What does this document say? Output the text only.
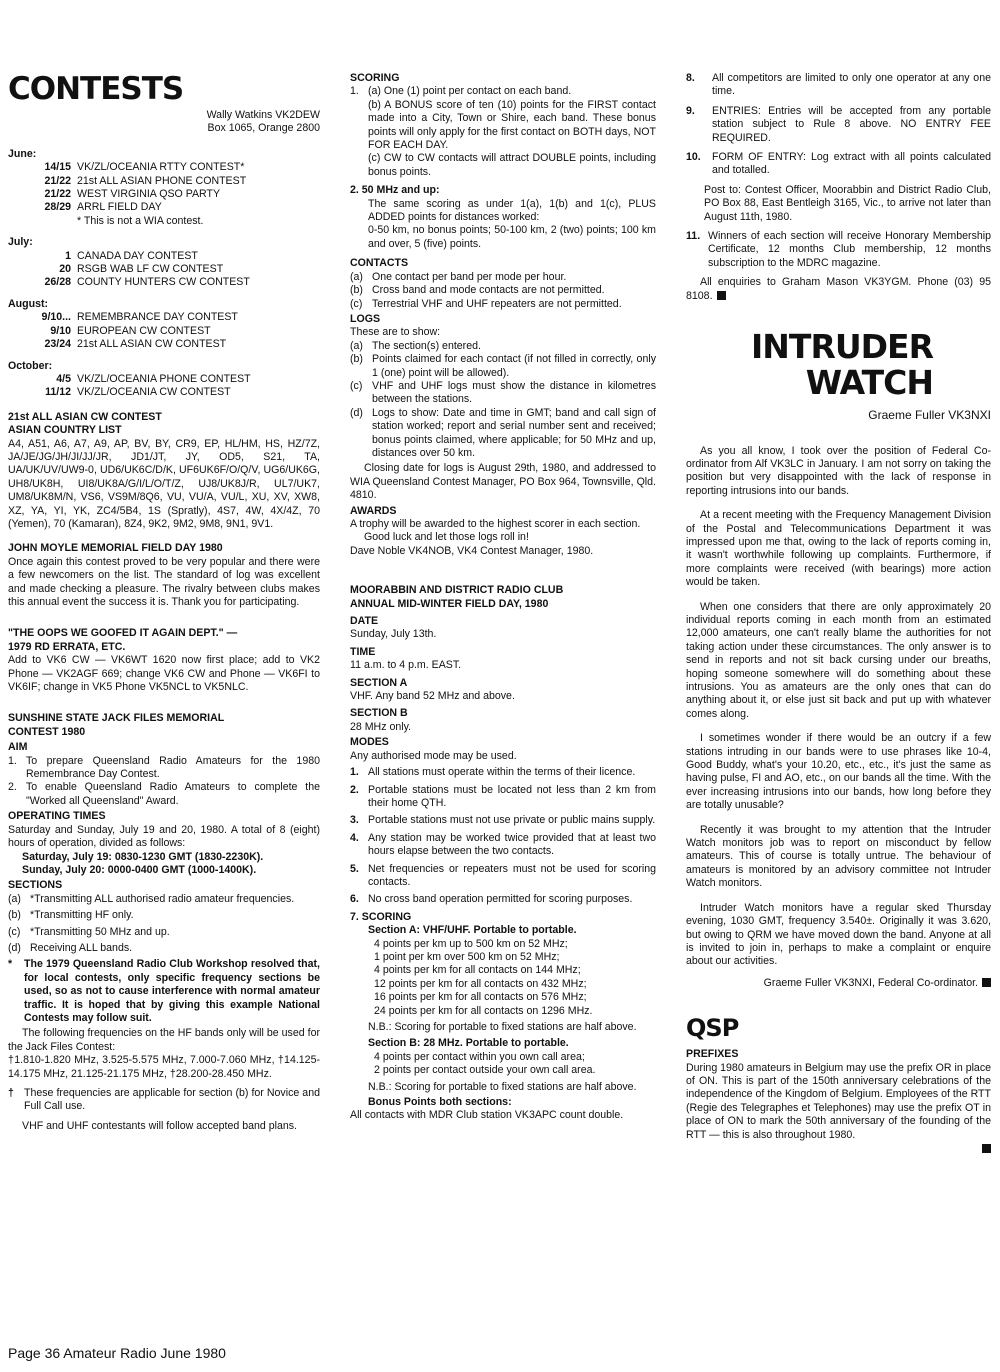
CONTESTS
Wally Watkins VK2DEW
Box 1065, Orange 2800
June:
14/15 VK/ZL/OCEANIA RTTY CONTEST*
21/22 21st ALL ASIAN PHONE CONTEST
21/22 WEST VIRGINIA QSO PARTY
28/29 ARRL FIELD DAY
* This is not a WIA contest.
July:
1 CANADA DAY CONTEST
20 RSGB WAB LF CW CONTEST
26/28 COUNTY HUNTERS CW CONTEST
August:
9/10... REMEMBRANCE DAY CONTEST
9/10 EUROPEAN CW CONTEST
23/24 21st ALL ASIAN CW CONTEST
October:
4/5 VK/ZL/OCEANIA PHONE CONTEST
11/12 VK/ZL/OCEANIA CW CONTEST
21st ALL ASIAN CW CONTEST
ASIAN COUNTRY LIST

A4, A51, A6, A7, A9, AP, BV, BY, CR9, EP, HL/HM, HS, HZ/7Z, JA/JE/JG/JH/JI/JJ/JR, JD1/JT, JY, OD5, S21, TA, UA/UK/UV/UW9-0, UD6/UK6C/D/K, UF6UK6F/O/Q/V, UG6/UK6G, UH8/UK8H, UI8/UK8A/G/I/L/O/T/Z, UJ8/UK8J/R, UL7/UK7, UM8/UK8M/N, VS6, VS9M/8Q6, VU, VU/A, VU/L, XU, XV, XW8, XZ, YA, YI, YK, ZC4/5B4, 1S (Spratly), 4S7, 4W, 4X/4Z, 70 (Yemen), 70 (Kamaran), 8Z4, 9K2, 9M2, 9M8, 9N1, 9V1.

JOHN MOYLE MEMORIAL FIELD DAY 1980

Once again this contest proved to be very popular and there were a few newcomers on the list. The standard of log was excellent and made checking a pleasure. The rivalry between clubs makes this annual event the success it is. Thank you for participating.

"THE OOPS WE GOOFED IT AGAIN DEPT." —
1979 RD ERRATA, ETC.

Add to VK6 CW — VK6WT 1620 now first place; add to VK2 Phone — VK2AGF 669; change VK6 CW and Phone — VK6FI to VK6IF; change in VK5 Phone VK5NCL to VK5NLC.

SUNSHINE STATE JACK FILES MEMORIAL
CONTEST 1980
AIM
1. To prepare Queensland Radio Amateurs for the 1980 Remembrance Day Contest.
2. To enable Queensland Radio Amateurs to complete the "Worked all Queensland" Award.
OPERATING TIMES

Saturday and Sunday, July 19 and 20, 1980. A total of 8 (eight) hours of operation, divided as follows:

Saturday, July 19: 0830-1230 GMT (1830-2230K).
Sunday, July 20: 0000-0400 GMT (1000-1400K).
SECTIONS
(a) *Transmitting ALL authorised radio amateur frequencies.
(b) *Transmitting HF only.
(c) *Transmitting 50 MHz and up.
(d) Receiving ALL bands.
*	The 1979 Queensland Radio Club Workshop resolved that, for local contests, only specific frequency sections be used, so as not to cause interference with normal amateur traffic. It is hoped that by giving this example National Contests may follow suit.

The following frequencies on the HF bands only will be used for the Jack Files Contest:

†1.810-1.820 MHz, 3.525-5.575 MHz, 7.000-7.060 MHz, †14.125-14.175 MHz, 21.125-21.175 MHz, †28.200-28.450 MHz.

† These frequencies are applicable for section (b) for Novice and Full Call use.

VHF and UHF contestants will follow accepted band plans.

SCORING
1. (a) One (1) point per contact on each band.
(b) A BONUS score of ten (10) points for the FIRST contact made into a City, Town or Shire, each band. These bonus points will only apply for the first contact on BOTH days, NOT FOR EACH DAY.
(c) CW to CW contacts will attract DOUBLE points, including bonus points.
2. 50 MHz and up:

The same scoring as under 1(a), 1(b) and 1(c), PLUS ADDED points for distances worked:

0-50 km, no bonus points; 50-100 km, 2 (two) points; 100 km and over, 5 (five) points.

CONTACTS
(a) One contact per band per mode per hour.
(b) Cross band and mode contacts are not permitted.
(c) Terrestrial VHF and UHF repeaters are not permitted.
LOGS

These are to show:

(a) The section(s) entered.
(b) Points claimed for each contact (if not filled in correctly, only 1 (one) point will be allowed).
(c) VHF and UHF logs must show the distance in kilometres between the stations.
(d) Logs to show: Date and time in GMT; band and call sign of station worked; report and serial number sent and received; bonus points claimed, where applicable; for 50 MHz and up, distances over 50 km.

Closing date for logs is August 29th, 1980, and addressed to WIA Queensland Contest Manager, PO Box 964, Townsville, Qld. 4810.

AWARDS

A trophy will be awarded to the highest scorer in each section.

Good luck and let those logs roll in!

Dave Noble VK4NOB, VK4 Contest Manager, 1980.

MOORABBIN AND DISTRICT RADIO CLUB
ANNUAL MID-WINTER FIELD DAY, 1980
DATE

Sunday, July 13th.

TIME

11 a.m. to 4 p.m. EAST.

SECTION A

VHF. Any band 52 MHz and above.

SECTION B

28 MHz only.

MODES

Any authorised mode may be used.

1. All stations must operate within the terms of their licence.
2. Portable stations must be located not less than 2 km from their home QTH.
3. Portable stations must not use private or public mains supply.
4. Any station may be worked twice provided that at least two hours elapse between the two contacts.
5. Net frequencies or repeaters must not be used for scoring contacts.
6. No cross band operation permitted for scoring purposes.
7. SCORING
Section A: VHF/UHF. Portable to portable.
4 points per km up to 500 km on 52 MHz;
1 point per km over 500 km on 52 MHz;
4 points per km for all contacts on 144 MHz;
12 points per km for all contacts on 432 MHz;
16 points per km for all contacts on 576 MHz;
24 points per km for all contacts on 1296 MHz.

N.B.: Scoring for portable to fixed stations are half above.

Section B: 28 MHz. Portable to portable.
4 points per contact within you own call area;
2 points per contact outside your own call area.

N.B.: Scoring for portable to fixed stations are half above.

Bonus Points both sections:

All contacts with MDR Club station VK3APC count double.

8.	All competitors are limited to only one operator at any one time.
9.	ENTRIES: Entries will be accepted from any portable station subject to Rule 8 above. NO ENTRY FEE REQUIRED.
10.	FORM OF ENTRY: Log extract with all points calculated and totalled.

Post to: Contest Officer, Moorabbin and District Radio Club, PO Box 88, East Bentleigh 3165, Vic., to arrive not later than August 11th, 1980.

11. Winners of each section will receive Honorary Membership Certificate, 12 months Club membership, 12 months subscription to the MDRC magazine.

All enquiries to Graham Mason VK3YGM. Phone (03) 95 8108.

INTRUDER
WATCH
Graeme Fuller VK3NXI

As you all know, I took over the position of Federal Co-ordinator from Alf VK3LC in January. I am not sorry on taking the position but very disappointed with the lack of response in reporting intrusions into our bands.

At a recent meeting with the Frequency Management Division of the Postal and Telecommunications Department it was impressed upon me that, owing to the lack of reports coming in, it wasn't worthwhile following up complaints. Furthermore, if more complaints were received (with bearings) more action would be taken.

When one considers that there are only approximately 20 individual reports coming in each month from an estimated 12,000 amateurs, one can't really blame the authorities for not taking action under these circumstances. The only answer is to send in reports and not sit back cursing under our breaths, hoping someone somewhere will do something about these intrusions. You as amateurs are the only ones that can do anything about it, or else just sit back and put up with whatever comes along.

I sometimes wonder if there would be an outcry if a few stations intruding in our bands were to use phrases like 10-4, Good Buddy, what's your 10.20, etc., etc., it's just the same as having pulse, FI and AO, etc., on our bands all the time. With the ever increasing intrusions into our bands, how long before they are totally unusable?

Recently it was brought to my attention that the Intruder Watch monitors job was to report on misconduct by fellow amateurs. This of course is totally untrue. The behaviour of amateurs is monitored by an advisory committee not Intruder Watch monitors.

Intruder Watch monitors have a regular sked Thursday evening, 1030 GMT, frequency 3.540±. Originally it was 3.620, but owing to QRM we have moved down the band. Anyone at all is invited to join in, perhaps to make a complaint or enquire about our activities.

Graeme Fuller VK3NXI, Federal Co-ordinator.

QSP
PREFIXES

During 1980 amateurs in Belgium may use the prefix OR in place of ON. This is part of the 150th anniversary celebrations of the independence of the Kingdom of Belgium. Employees of the RTT (Regie des Telegraphes et Telephones) may use the prefix OT in place of ON to mark the 50th anniversary of the founding of the RTT — this is also throughout 1980.

Page 36 Amateur Radio June 1980
